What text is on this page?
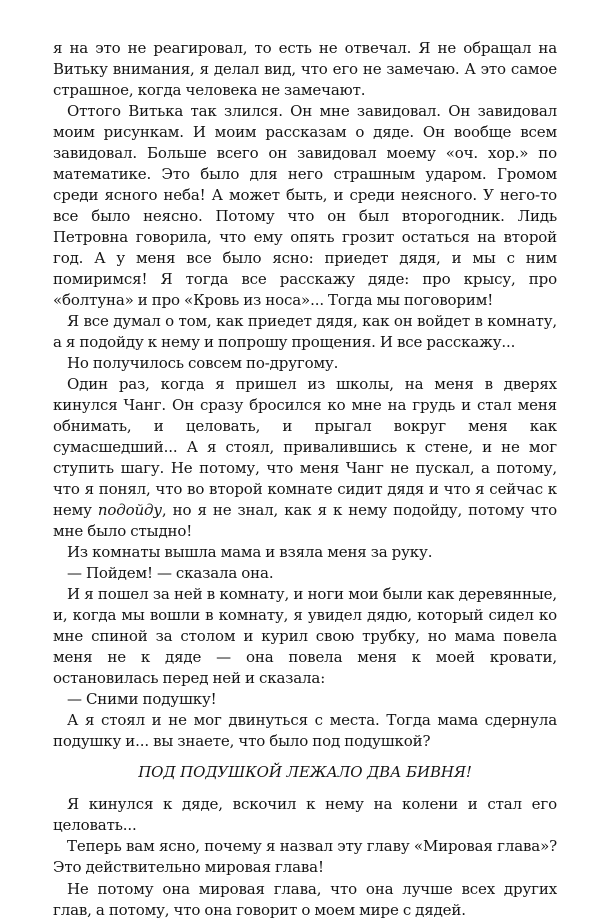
я на это не реагировал, то есть не отвечал. Я не обращал на Витьку внимания, я делал вид, что его не замечаю. А это самое страшное, когда человека не замечают.

Оттого Витька так злился. Он мне завидовал. Он завидовал моим рисункам. И моим рассказам о дяде. Он вообще всем завидовал. Больше всего он завидовал моему «оч. хор.» по математике. Это было для него страшным ударом. Громом среди ясного неба! А может быть, и среди неясного. У него-то все было неясно. Потому что он был второгодник. Лидь Петровна говорила, что ему опять грозит остаться на второй год. А у меня все было ясно: приедет дядя, и мы с ним помиримся! Я тогда все расскажу дяде: про крысу, про «болтуна» и про «Кровь из носа»... Тогда мы поговорим!

Я все думал о том, как приедет дядя, как он войдет в комнату, а я подойду к нему и попрошу прощения. И все расскажу...

Но получилось совсем по-другому.

Один раз, когда я пришел из школы, на меня в дверях кинулся Чанг. Он сразу бросился ко мне на грудь и стал меня обнимать, и целовать, и прыгал вокруг меня как сумасшедший... А я стоял, привалившись к стене, и не мог ступить шагу. Не потому, что меня Чанг не пускал, а потому, что я понял, что во второй комнате сидит дядя и что я сейчас к нему подойду, но я не знал, как я к нему подойду, потому что мне было стыдно!

Из комнаты вышла мама и взяла меня за руку.

— Пойдем! — сказала она.

И я пошел за ней в комнату, и ноги мои были как деревянные, и, когда мы вошли в комнату, я увидел дядю, который сидел ко мне спиной за столом и курил свою трубку, но мама повела меня не к дяде — она повела меня к моей кровати, остановилась перед ней и сказала:

— Сними подушку!

А я стоял и не мог двинуться с места. Тогда мама сдернула подушку и... вы знаете, что было под подушкой?

ПОД ПОДУШКОЙ ЛЕЖАЛО ДВА БИВНЯ!

Я кинулся к дяде, вскочил к нему на колени и стал его целовать...

Теперь вам ясно, почему я назвал эту главу «Мировая глава»? Это действительно мировая глава!

Не потому она мировая глава, что она лучше всех других глав, а потому, что она говорит о моем мире с дядей.
